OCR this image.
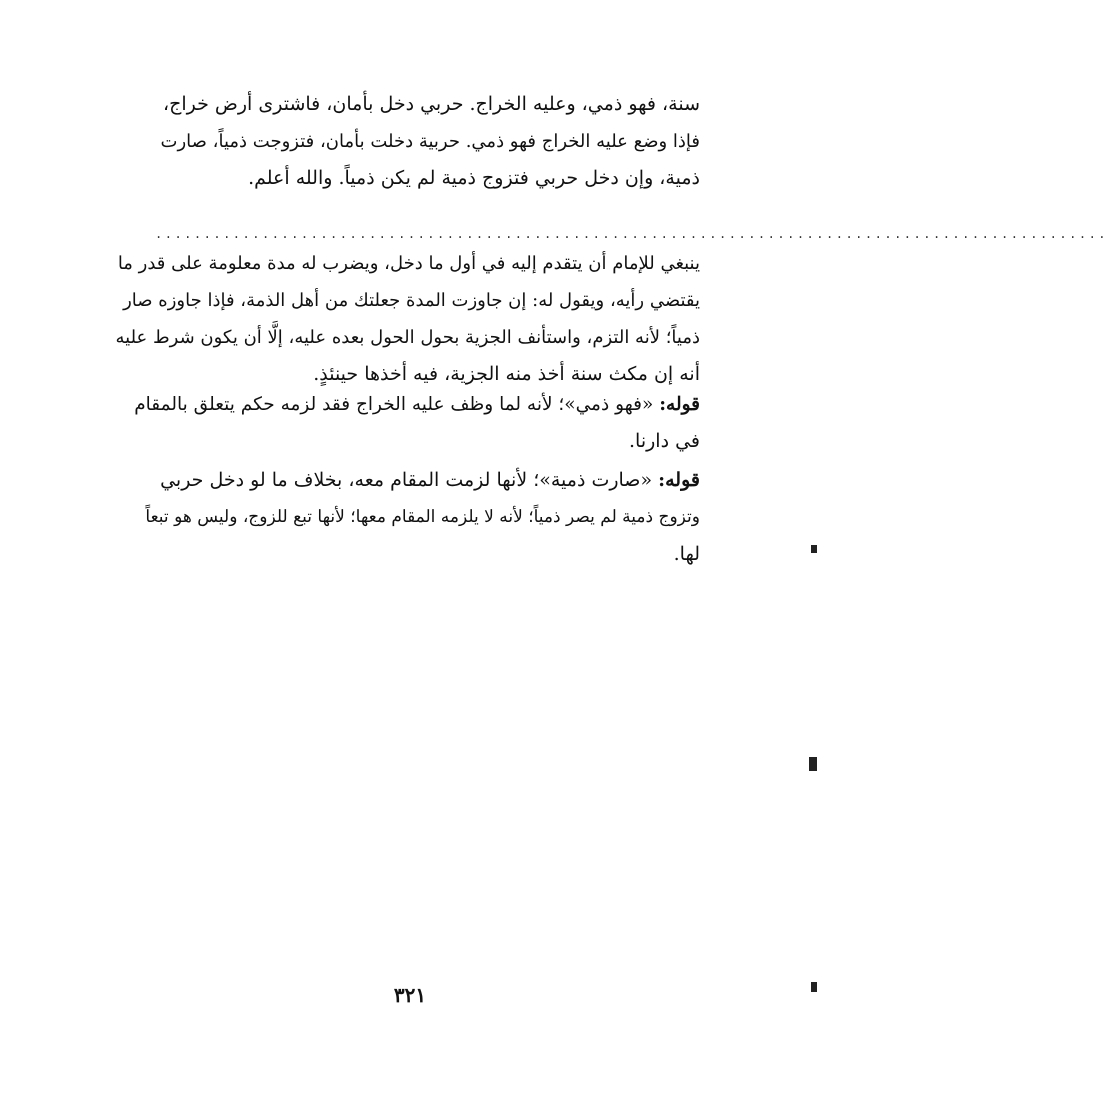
سنة، فهو ذمي، وعليه الخراج. حربي دخل بأمان، فاشترى أرض خراج،
فإذا وضع عليه الخراج فهو ذمي. حربية دخلت بأمان، فتزوجت ذمياً، صارت
ذمية، وإن دخل حربي فتزوج ذمية لم يكن ذمياً. والله أعلم.
..................................................................................................
ينبغي للإمام أن يتقدم إليه في أول ما دخل، ويضرب له مدة معلومة على قدر ما
يقتضي رأيه، ويقول له: إن جاوزت المدة جعلتك من أهل الذمة، فإذا جاوزه صار
ذمياً؛ لأنه التزم، واستأنف الجزية بحول الحول بعده عليه، إلَّا أن يكون شرط عليه
أنه إن مكث سنة أخذ منه الجزية، فيه أخذها حينئذٍ.
قوله: «فهو ذمي»؛ لأنه لما وظف عليه الخراج فقد لزمه حكم يتعلق بالمقام
في دارنا.
قوله: «صارت ذمية»؛ لأنها لزمت المقام معه، بخلاف ما لو دخل حربي
وتزوج ذمية لم يصر ذمياً؛ لأنه لا يلزمه المقام معها؛ لأنها تبع للزوج، وليس هو تبعاً
لها.
٣٢١
